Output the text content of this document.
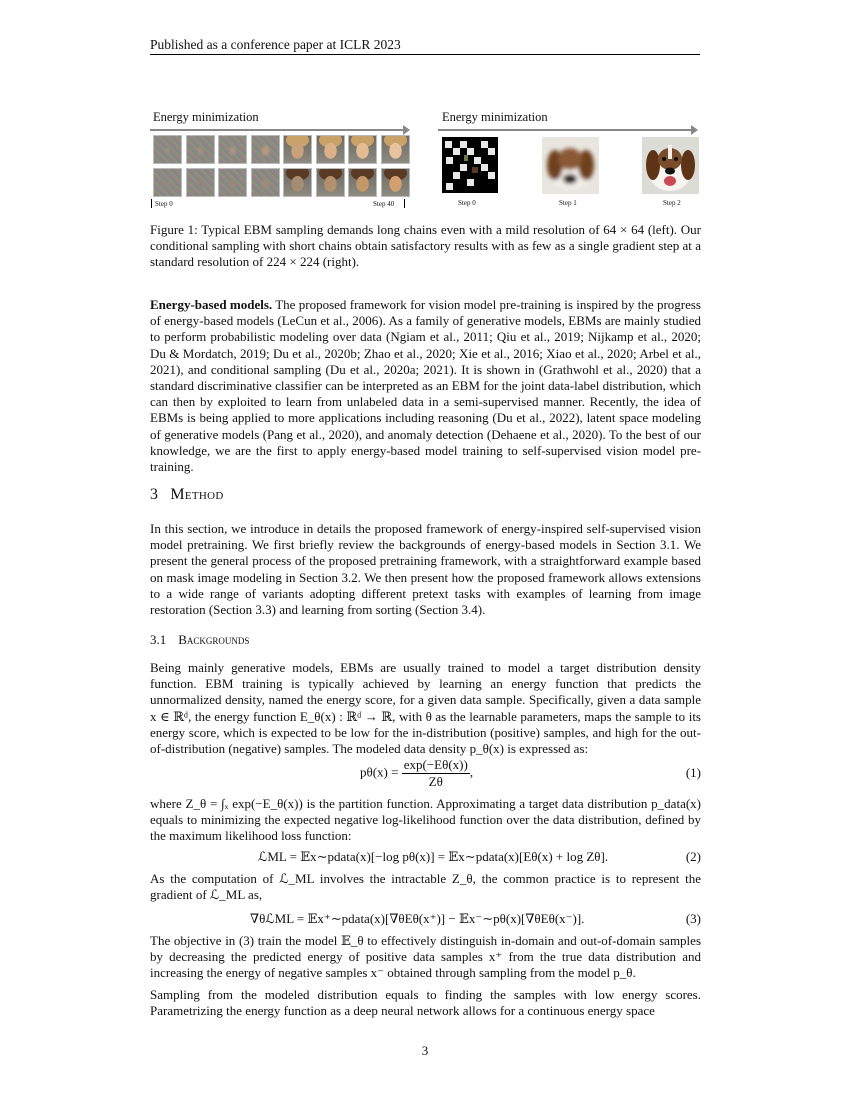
Published as a conference paper at ICLR 2023
Energy minimization
Step 0	Step 40
Energy minimization
Step 0	Step 1	Step 2
Figure 1: Typical EBM sampling demands long chains even with a mild resolution of 64 × 64 (left). Our conditional sampling with short chains obtain satisfactory results with as few as a single gradient step at a standard resolution of 224 × 224 (right).

Energy-based models. The proposed framework for vision model pre-training is inspired by the progress of energy-based models (LeCun et al., 2006). As a family of generative models, EBMs are mainly studied to perform probabilistic modeling over data (Ngiam et al., 2011; Qiu et al., 2019; Nijkamp et al., 2020; Du & Mordatch, 2019; Du et al., 2020b; Zhao et al., 2020; Xie et al., 2016; Xiao et al., 2020; Arbel et al., 2021), and conditional sampling (Du et al., 2020a; 2021). It is shown in (Grathwohl et al., 2020) that a standard discriminative classifier can be interpreted as an EBM for the joint data-label distribution, which can then by exploited to learn from unlabeled data in a semi-supervised manner. Recently, the idea of EBMs is being applied to more applications including reasoning (Du et al., 2022), latent space modeling of generative models (Pang et al., 2020), and anomaly detection (Dehaene et al., 2020). To the best of our knowledge, we are the first to apply energy-based model training to self-supervised vision model pre-training.

3 Method

In this section, we introduce in details the proposed framework of energy-inspired self-supervised vision model pretraining. We first briefly review the backgrounds of energy-based models in Section 3.1. We present the general process of the proposed pretraining framework, with a straightforward example based on mask image modeling in Section 3.2. We then present how the proposed framework allows extensions to a wide range of variants adopting different pretext tasks with examples of learning from image restoration (Section 3.3) and learning from sorting (Section 3.4).

3.1 Backgrounds

Being mainly generative models, EBMs are usually trained to model a target distribution density function. EBM training is typically achieved by learning an energy function that predicts the unnormalized density, named the energy score, for a given data sample. Specifically, given a data sample x ∈ ℝᵈ, the energy function E_θ(x) : ℝᵈ → ℝ, with θ as the learnable parameters, maps the sample to its energy score, which is expected to be low for the in-distribution (positive) samples, and high for the out-of-distribution (negative) samples. The modeled data density p_θ(x) is expressed as:

$p\theta(x) = \frac{\exp(-E\theta(x))}{Z\theta}$ ,	(1)

where Z_θ = ∫ₓ exp(−E_θ(x)) is the partition function. Approximating a target data distribution p_data(x) equals to minimizing the expected negative log-likelihood function over the data distribution, defined by the maximum likelihood loss function:

ℒML = 𝔼x∼pdata(x)[−log pθ(x)] = 𝔼x∼pdata(x)[Eθ(x) + log Zθ].	(2)

As the computation of ℒ_ML involves the intractable Z_θ, the common practice is to represent the gradient of ℒ_ML as,

∇θℒML = 𝔼x⁺∼pdata(x)[∇θEθ(x⁺)] − 𝔼x⁻∼pθ(x)[∇θEθ(x⁻)].	(3)

The objective in (3) train the model 𝔼_θ to effectively distinguish in-domain and out-of-domain samples by decreasing the predicted energy of positive data samples x⁺ from the true data distribution and increasing the energy of negative samples x⁻ obtained through sampling from the model p_θ.

Sampling from the modeled distribution equals to finding the samples with low energy scores. Parametrizing the energy function as a deep neural network allows for a continuous energy space

3
